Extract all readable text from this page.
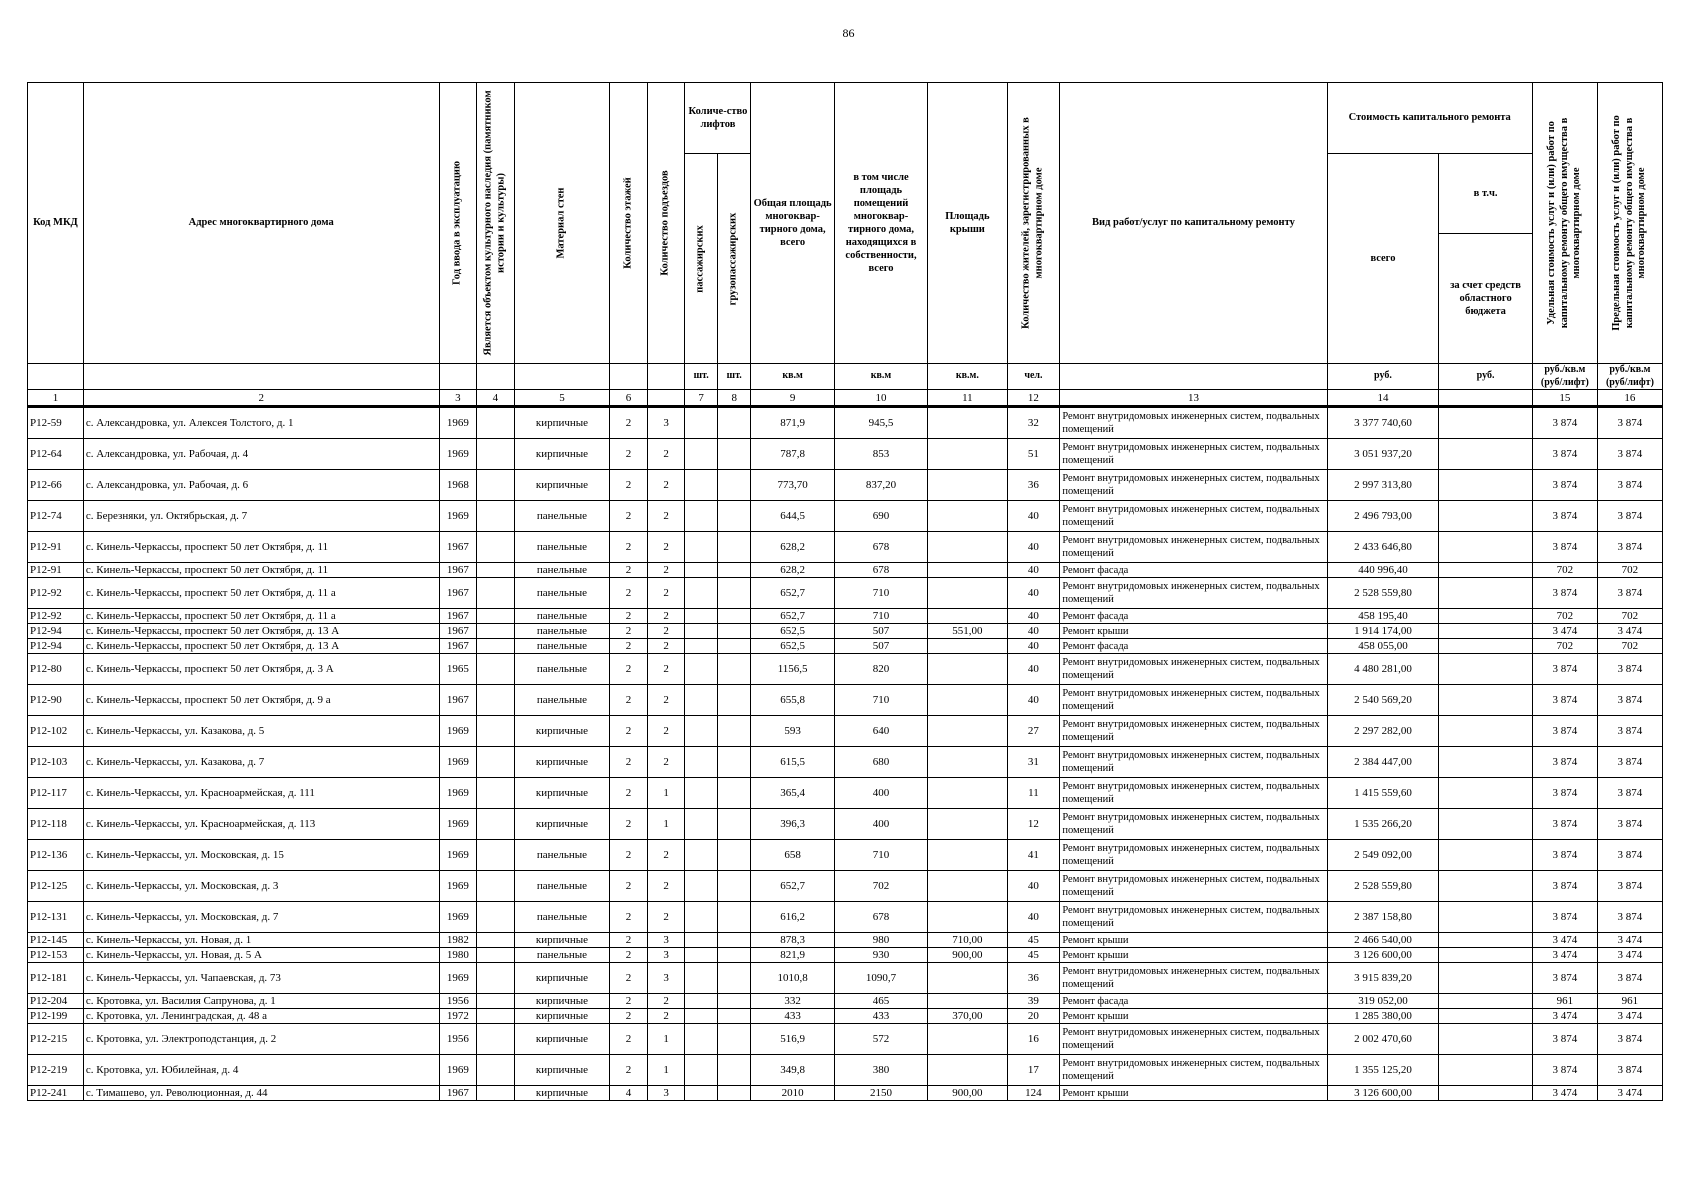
86
Код МКД	Адрес многоквартирного дома	Год ввода в эксплуатацию	Является объектом культурного наследия (памятником истории и культуры)	Материал стен	Количество этажей	Количество подъездов	Количе-ство лифтов		Общая площадь многоквар-тирного дома, всего	в том числе площадь помещений многоквар-тирного дома, находящихся в собственности, всего	Площадь крыши	Количество жителей, зарегистрированных в многоквартирном доме	Вид работ/услуг по капитальному ремонту	Стоимость капитального ремонта		Удельная стоимость услуг и (или) работ по капитальному ремонту общего имущества в многоквартирном доме	Предельная стоимость услуг и (или) работ по капитальному ремонту общего имущества в многоквартирном доме

							пассажирских	грузопассажирских						всего	в т.ч.		
															за счет средств областного бюджета		
							шт.	шт.	кв.м	кв.м	кв.м.	чел.		руб.	руб.	руб./кв.м (руб/лифт)	руб./кв.м (руб/лифт)
1	2	3	4	5	6		7	8	9	10	11	12	13	14		15	16
Р12-59	с. Александровка, ул. Алексея Толстого, д. 1	1969		кирпичные	2	3			871,9	945,5		32	Ремонт внутридомовых инженерных систем, подвальных помещений	3 377 740,60		3 874	3 874
Р12-64	с. Александровка, ул. Рабочая, д. 4	1969		кирпичные	2	2			787,8	853		51	Ремонт внутридомовых инженерных систем, подвальных помещений	3 051 937,20		3 874	3 874
Р12-66	с. Александровка, ул. Рабочая, д. 6	1968		кирпичные	2	2			773,70	837,20		36	Ремонт внутридомовых инженерных систем, подвальных помещений	2 997 313,80		3 874	3 874
Р12-74	с. Березняки, ул. Октябрьская, д. 7	1969		панельные	2	2			644,5	690		40	Ремонт внутридомовых инженерных систем, подвальных помещений	2 496 793,00		3 874	3 874
Р12-91	с. Кинель-Черкассы, проспект 50 лет Октября, д. 11	1967		панельные	2	2			628,2	678		40	Ремонт внутридомовых инженерных систем, подвальных помещений	2 433 646,80		3 874	3 874
Р12-91	с. Кинель-Черкассы, проспект 50 лет Октября, д. 11	1967		панельные	2	2			628,2	678		40	Ремонт фасада	440 996,40		702	702
Р12-92	с. Кинель-Черкассы, проспект 50 лет Октября, д. 11 а	1967		панельные	2	2			652,7	710		40	Ремонт внутридомовых инженерных систем, подвальных помещений	2 528 559,80		3 874	3 874
Р12-92	с. Кинель-Черкассы, проспект 50 лет Октября, д. 11 а	1967		панельные	2	2			652,7	710		40	Ремонт фасада	458 195,40		702	702
Р12-94	с. Кинель-Черкассы, проспект 50 лет Октября, д. 13 А	1967		панельные	2	2			652,5	507	551,00	40	Ремонт крыши	1 914 174,00		3 474	3 474
Р12-94	с. Кинель-Черкассы, проспект 50 лет Октября, д. 13 А	1967		панельные	2	2			652,5	507		40	Ремонт фасада	458 055,00		702	702
Р12-80	с. Кинель-Черкассы, проспект 50 лет Октября, д. 3 А	1965		панельные	2	2			1156,5	820		40	Ремонт внутридомовых инженерных систем, подвальных помещений	4 480 281,00		3 874	3 874
Р12-90	с. Кинель-Черкассы, проспект 50 лет Октября, д. 9 а	1967		панельные	2	2			655,8	710		40	Ремонт внутридомовых инженерных систем, подвальных помещений	2 540 569,20		3 874	3 874
Р12-102	с. Кинель-Черкассы, ул. Казакова, д. 5	1969		кирпичные	2	2			593	640		27	Ремонт внутридомовых инженерных систем, подвальных помещений	2 297 282,00		3 874	3 874
Р12-103	с. Кинель-Черкассы, ул. Казакова, д. 7	1969		кирпичные	2	2			615,5	680		31	Ремонт внутридомовых инженерных систем, подвальных помещений	2 384 447,00		3 874	3 874
Р12-117	с. Кинель-Черкассы, ул. Красноармейская, д. 111	1969		кирпичные	2	1			365,4	400		11	Ремонт внутридомовых инженерных систем, подвальных помещений	1 415 559,60		3 874	3 874
Р12-118	с. Кинель-Черкассы, ул. Красноармейская, д. 113	1969		кирпичные	2	1			396,3	400		12	Ремонт внутридомовых инженерных систем, подвальных помещений	1 535 266,20		3 874	3 874
Р12-136	с. Кинель-Черкассы, ул. Московская, д. 15	1969		панельные	2	2			658	710		41	Ремонт внутридомовых инженерных систем, подвальных помещений	2 549 092,00		3 874	3 874
Р12-125	с. Кинель-Черкассы, ул. Московская, д. 3	1969		панельные	2	2			652,7	702		40	Ремонт внутридомовых инженерных систем, подвальных помещений	2 528 559,80		3 874	3 874
Р12-131	с. Кинель-Черкассы, ул. Московская, д. 7	1969		панельные	2	2			616,2	678		40	Ремонт внутридомовых инженерных систем, подвальных помещений	2 387 158,80		3 874	3 874
Р12-145	с. Кинель-Черкассы, ул. Новая, д. 1	1982		кирпичные	2	3			878,3	980	710,00	45	Ремонт крыши	2 466 540,00		3 474	3 474
Р12-153	с. Кинель-Черкассы, ул. Новая, д. 5 А	1980		панельные	2	3			821,9	930	900,00	45	Ремонт крыши	3 126 600,00		3 474	3 474
Р12-181	с. Кинель-Черкассы, ул. Чапаевская, д. 73	1969		кирпичные	2	3			1010,8	1090,7		36	Ремонт внутридомовых инженерных систем, подвальных помещений	3 915 839,20		3 874	3 874
Р12-204	с. Кротовка, ул. Василия Сапрунова, д. 1	1956		кирпичные	2	2			332	465		39	Ремонт фасада	319 052,00		961	961
Р12-199	с. Кротовка, ул. Ленинградская, д. 48 а	1972		кирпичные	2	2			433	433	370,00	20	Ремонт крыши	1 285 380,00		3 474	3 474
Р12-215	с. Кротовка, ул. Электроподстанция, д. 2	1956		кирпичные	2	1			516,9	572		16	Ремонт внутридомовых инженерных систем, подвальных помещений	2 002 470,60		3 874	3 874
Р12-219	с. Кротовка, ул. Юбилейная, д. 4	1969		кирпичные	2	1			349,8	380		17	Ремонт внутридомовых инженерных систем, подвальных помещений	1 355 125,20		3 874	3 874
Р12-241	с. Тимашево, ул. Революционная, д. 44	1967		кирпичные	4	3			2010	2150	900,00	124	Ремонт крыши	3 126 600,00		3 474	3 474
